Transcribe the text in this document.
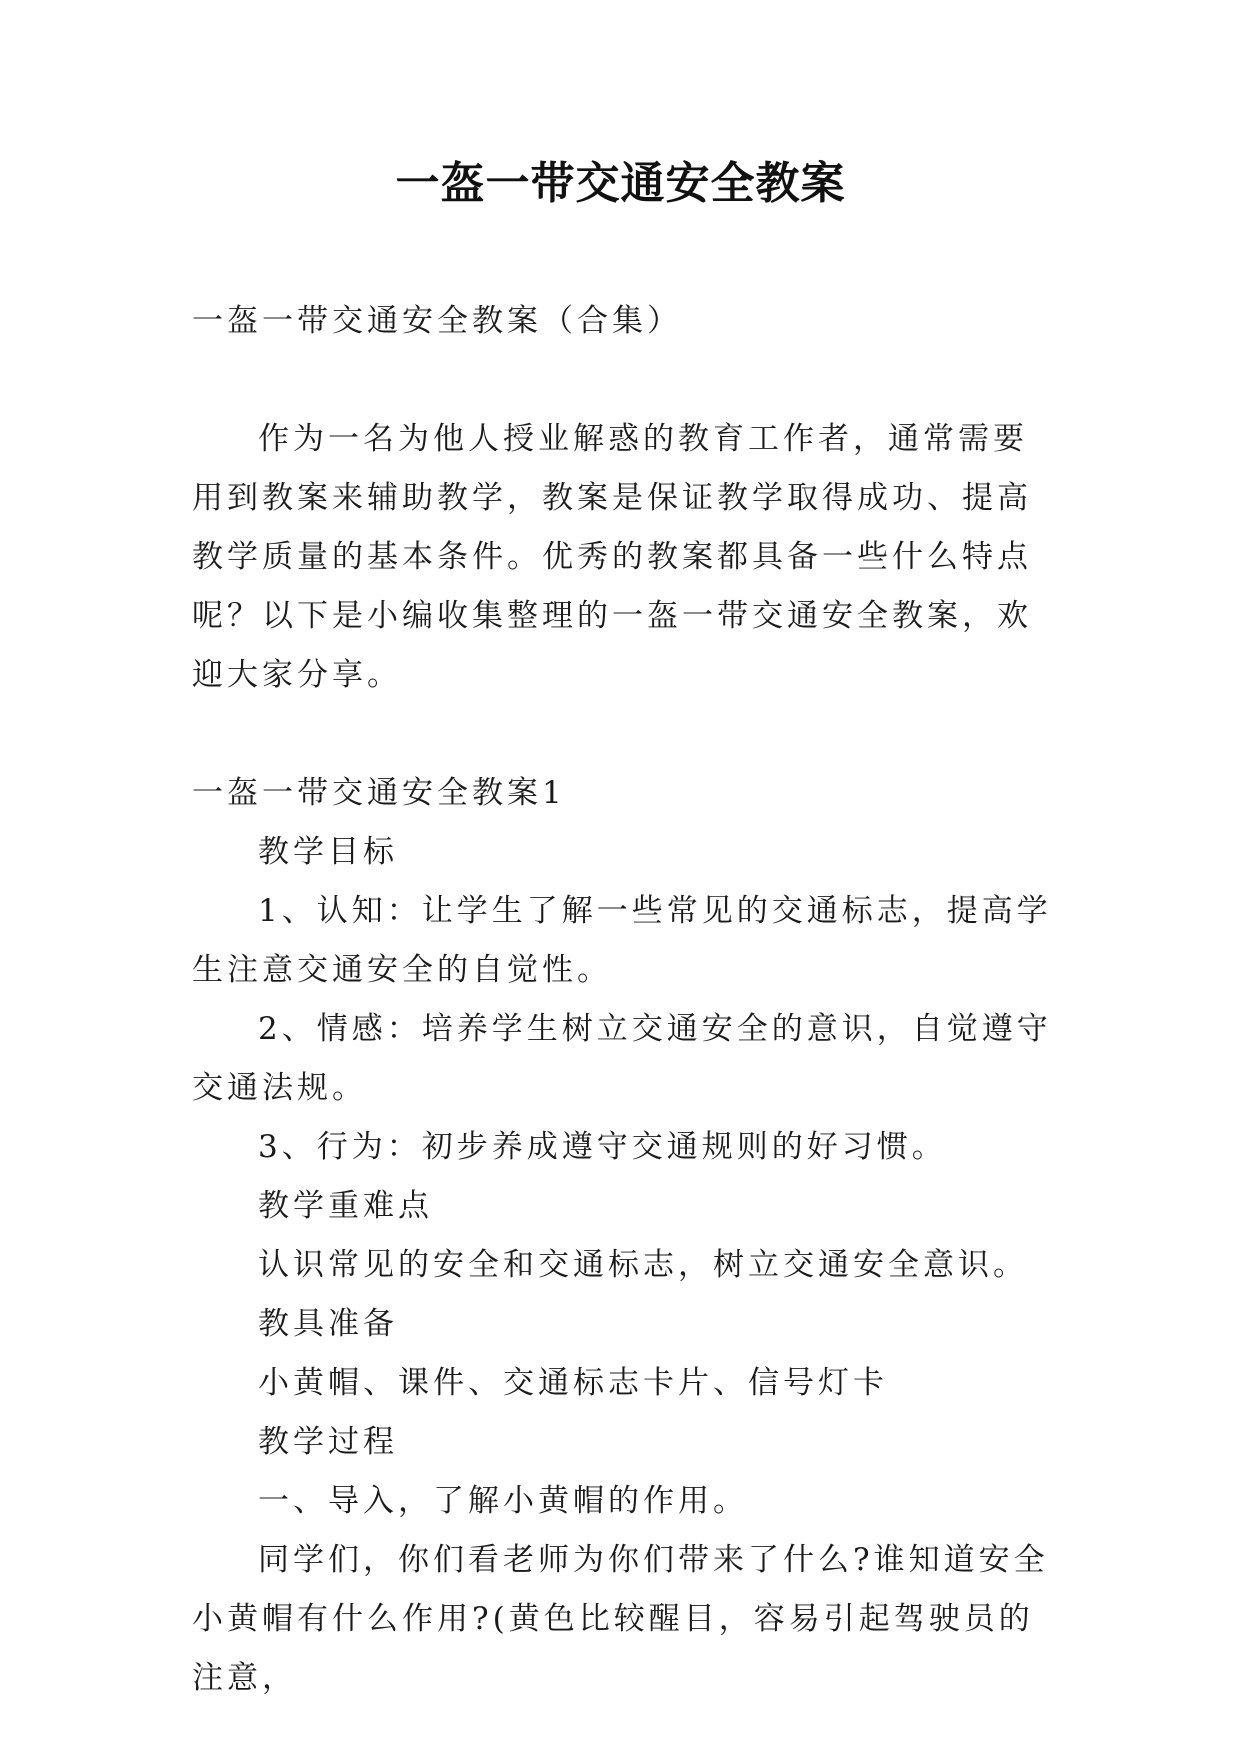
一盔一带交通安全教案

一盔一带交通安全教案（合集）

作为一名为他人授业解惑的教育工作者，通常需要用到教案来辅助教学，教案是保证教学取得成功、提高教学质量的基本条件。优秀的教案都具备一些什么特点呢？以下是小编收集整理的一盔一带交通安全教案，欢迎大家分享。

一盔一带交通安全教案1

教学目标

1、认知：让学生了解一些常见的交通标志，提高学生注意交通安全的自觉性。

2、情感：培养学生树立交通安全的意识，自觉遵守交通法规。

3、行为：初步养成遵守交通规则的好习惯。

教学重难点

认识常见的安全和交通标志，树立交通安全意识。

教具准备

小黄帽、课件、交通标志卡片、信号灯卡

教学过程

一、导入，了解小黄帽的作用。

同学们，你们看老师为你们带来了什么?谁知道安全小黄帽有什么作用?(黄色比较醒目，容易引起驾驶员的注意，
